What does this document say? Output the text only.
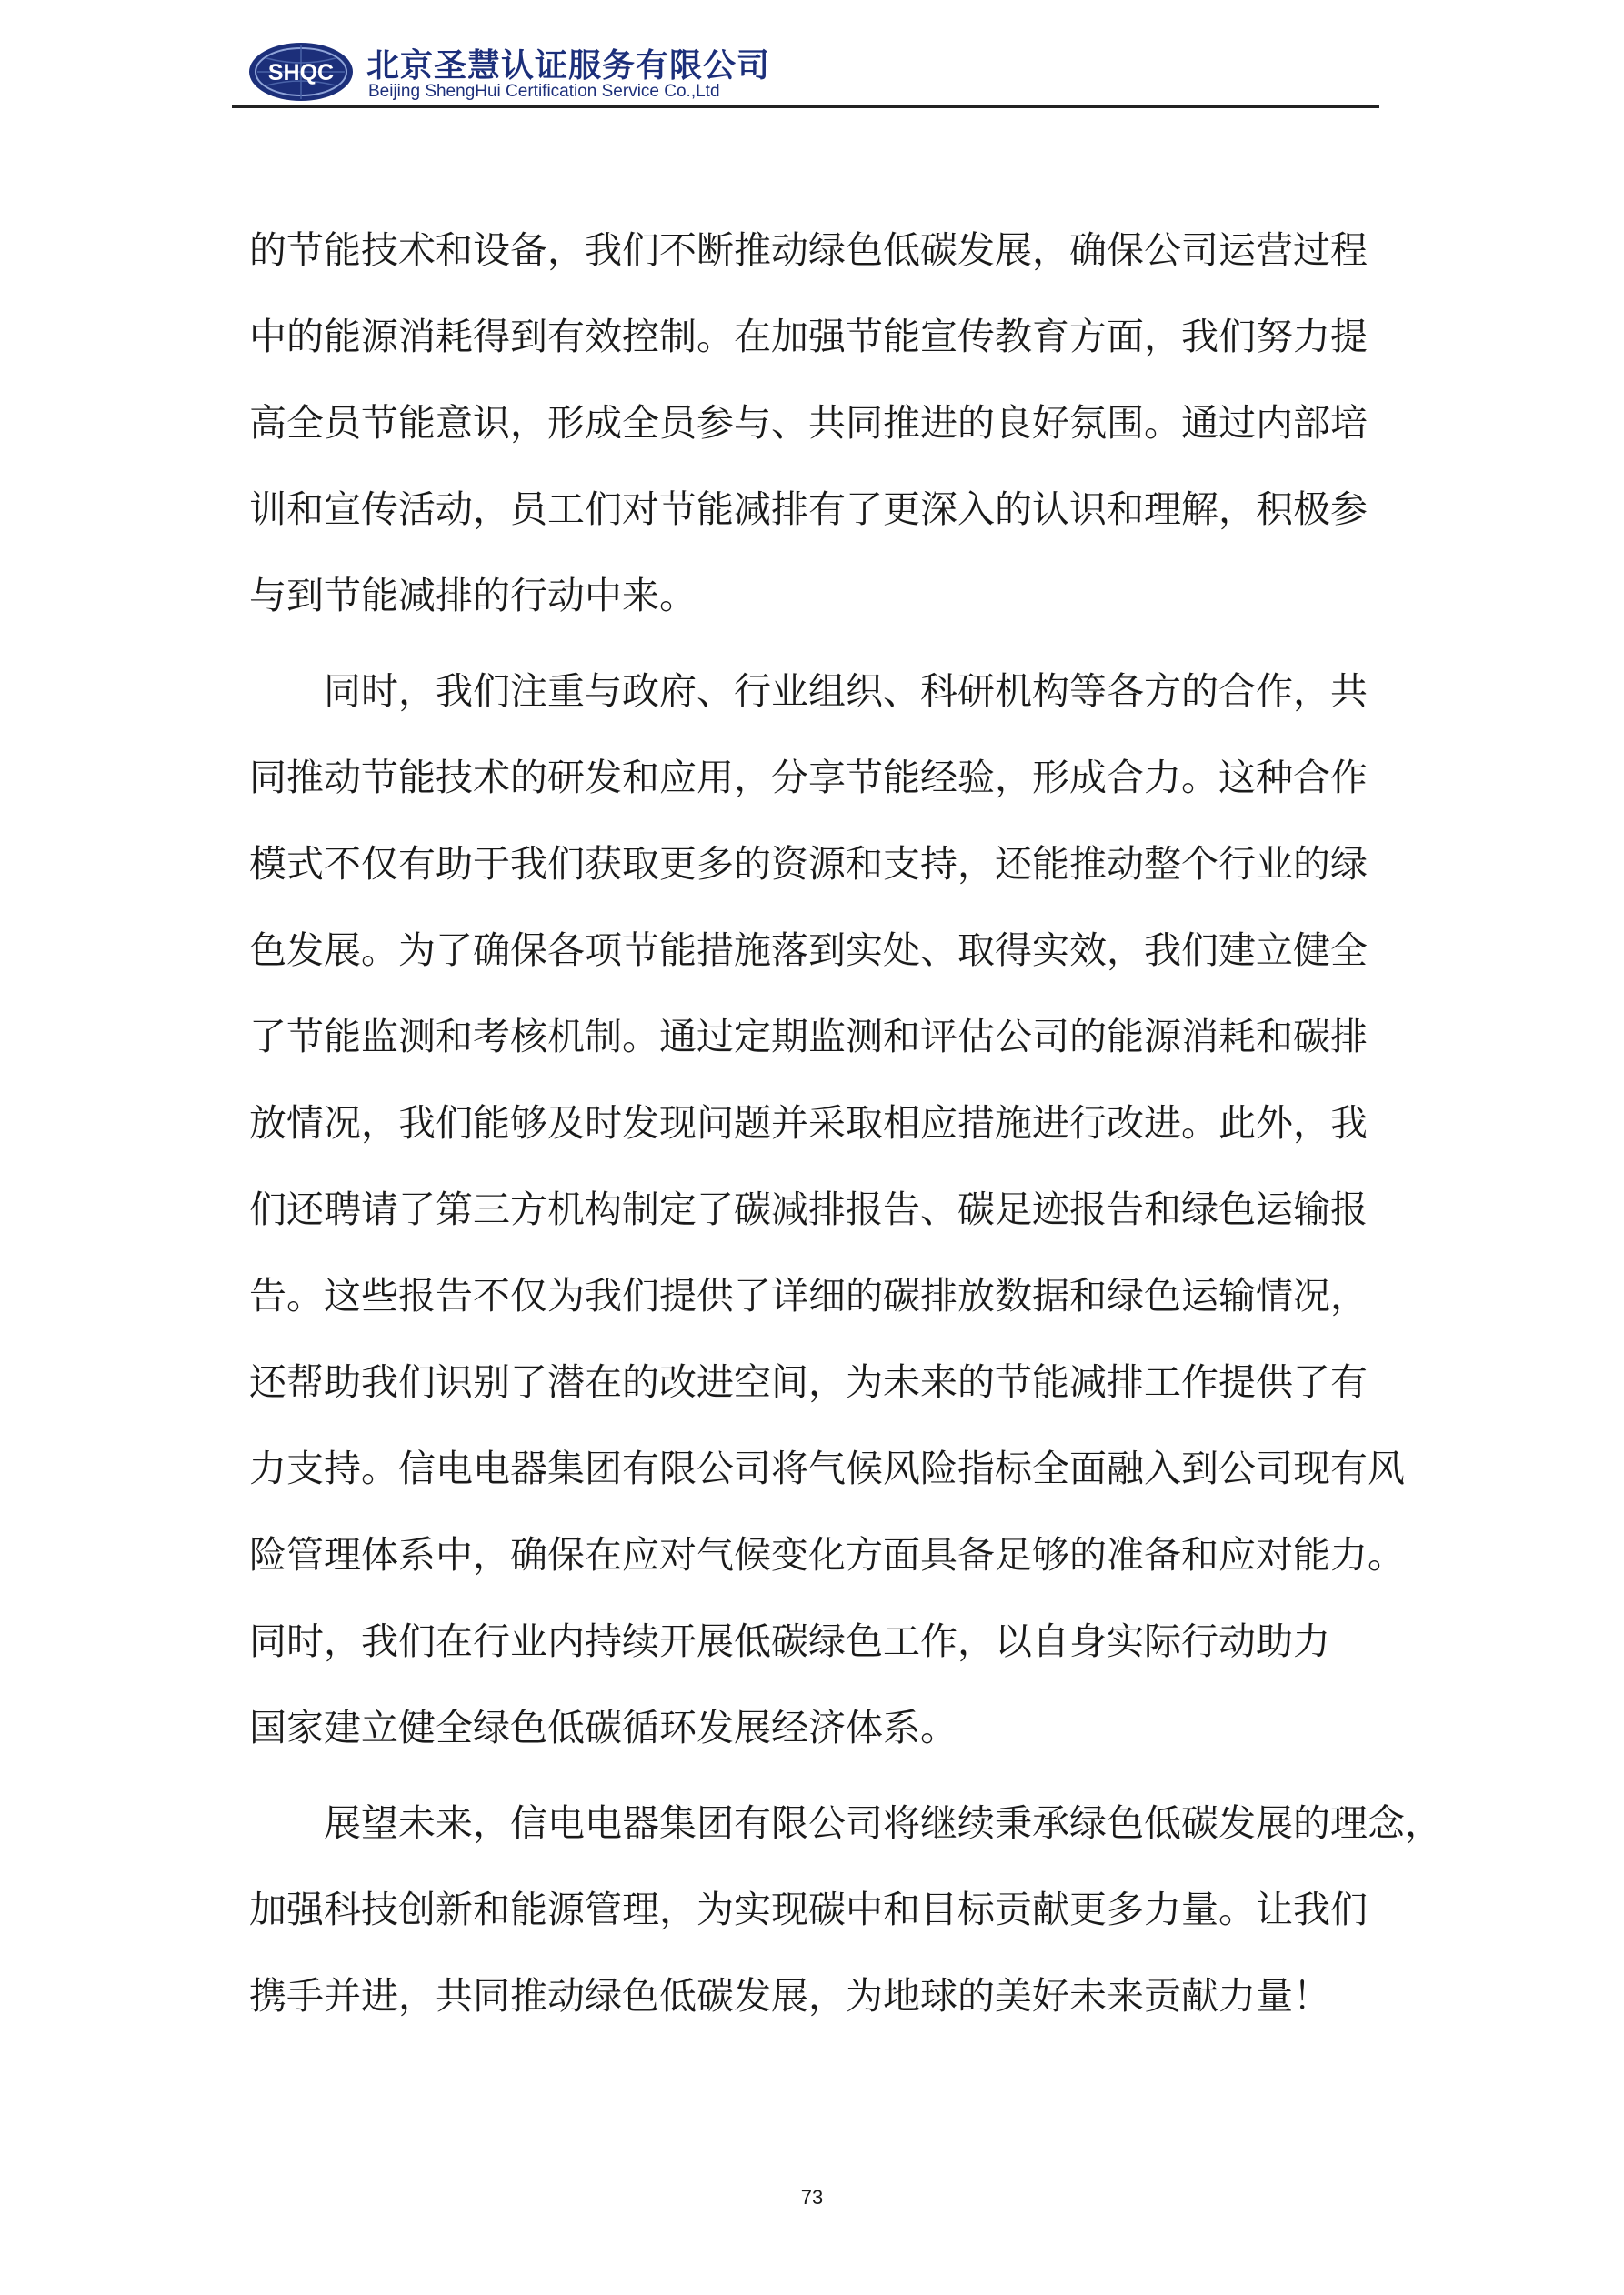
SHQC 北京圣慧认证服务有限公司
Beijing ShengHui Certification Service Co.,Ltd

的节能技术和设备，我们不断推动绿色低碳发展，确保公司运营过程
中的能源消耗得到有效控制。在加强节能宣传教育方面，我们努力提
高全员节能意识，形成全员参与、共同推进的良好氛围。通过内部培
训和宣传活动，员工们对节能减排有了更深入的认识和理解，积极参
与到节能减排的行动中来。

同时，我们注重与政府、行业组织、科研机构等各方的合作，共
同推动节能技术的研发和应用，分享节能经验，形成合力。这种合作
模式不仅有助于我们获取更多的资源和支持，还能推动整个行业的绿
色发展。为了确保各项节能措施落到实处、取得实效，我们建立健全
了节能监测和考核机制。通过定期监测和评估公司的能源消耗和碳排
放情况，我们能够及时发现问题并采取相应措施进行改进。此外，我
们还聘请了第三方机构制定了碳减排报告、碳足迹报告和绿色运输报
告。这些报告不仅为我们提供了详细的碳排放数据和绿色运输情况，
还帮助我们识别了潜在的改进空间，为未来的节能减排工作提供了有
力支持。信电电器集团有限公司将气候风险指标全面融入到公司现有风
险管理体系中，确保在应对气候变化方面具备足够的准备和应对能力。
同时，我们在行业内持续开展低碳绿色工作，以自身实际行动助力
国家建立健全绿色低碳循环发展经济体系。

展望未来，信电电器集团有限公司将继续秉承绿色低碳发展的理念，
加强科技创新和能源管理，为实现碳中和目标贡献更多力量。让我们
携手并进，共同推动绿色低碳发展，为地球的美好未来贡献力量！

73
